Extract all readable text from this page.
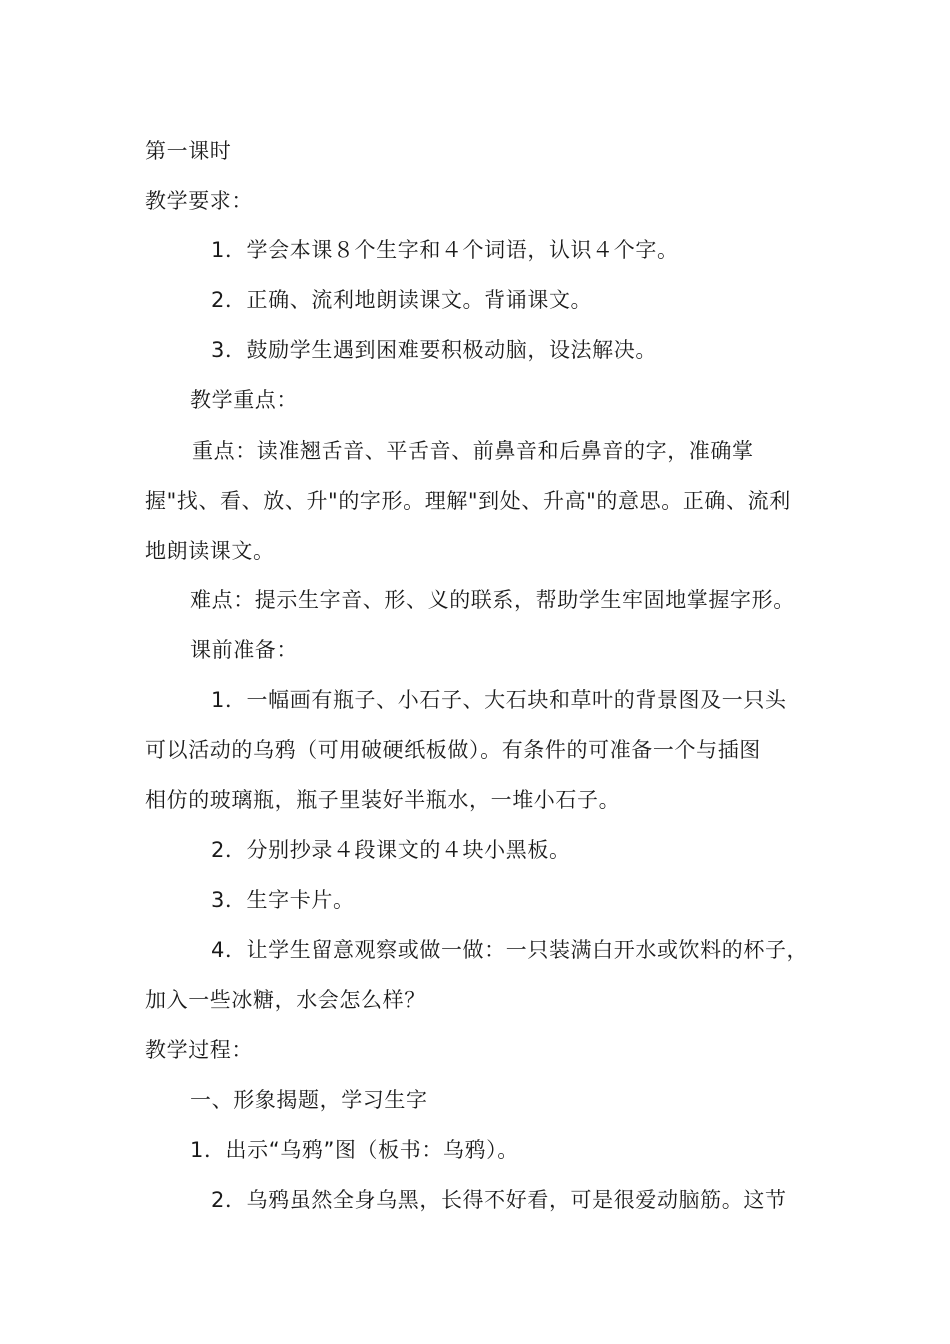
第一课时
教学要求：
1．学会本课８个生字和４个词语，认识４个字。
2．正确、流利地朗读课文。背诵课文。
3．鼓励学生遇到困难要积极动脑，设法解决。
教学重点：
重点：读准翘舌音、平舌音、前鼻音和后鼻音的字，准确掌
握"找、看、放、升"的字形。理解"到处、升高"的意思。正确、流利
地朗读课文。
难点：提示生字音、形、义的联系，帮助学生牢固地掌握字形。
课前准备：
1．一幅画有瓶子、小石子、大石块和草叶的背景图及一只头
可以活动的乌鸦（可用破硬纸板做）。有条件的可准备一个与插图
相仿的玻璃瓶，瓶子里装好半瓶水，一堆小石子。
2．分别抄录４段课文的４块小黑板。
3．生字卡片。
4．让学生留意观察或做一做：一只装满白开水或饮料的杯子，
加入一些冰糖，水会怎么样？
教学过程：
一、形象揭题，学习生字
1．出示“乌鸦”图（板书：乌鸦）。
2．乌鸦虽然全身乌黑，长得不好看，可是很爱动脑筋。这节
